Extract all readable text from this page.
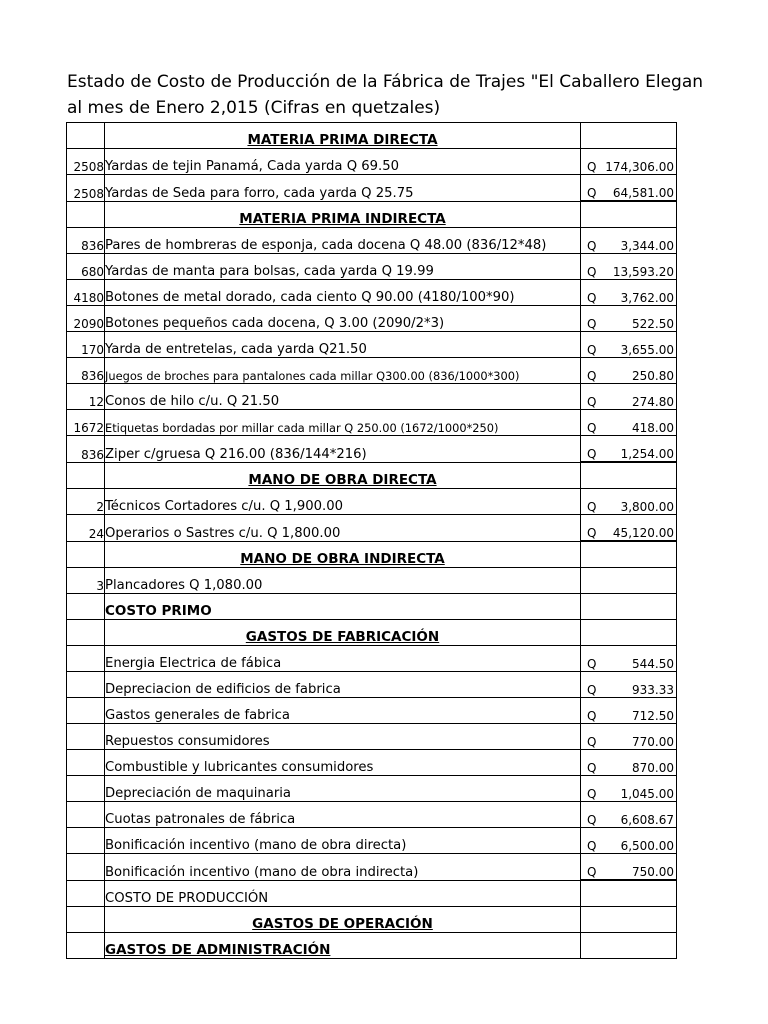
Estado de Costo de Producción de la Fábrica de Trajes "El Caballero Elegan
al mes de Enero 2,015 (Cifras en quetzales)
	MATERIA PRIMA DIRECTA	

2508	Yardas de tejin Panamá, Cada yarda Q 69.50	Q 174,306.00

2508	Yardas de Seda para forro, cada yarda Q 25.75	Q 64,581.00

	MATERIA PRIMA INDIRECTA	

836	Pares de hombreras de esponja, cada docena Q 48.00 (836/12*48)	Q 3,344.00

680	Yardas de manta para bolsas, cada yarda Q 19.99	Q 13,593.20

4180	Botones de metal dorado, cada ciento Q 90.00 (4180/100*90)	Q 3,762.00

2090	Botones pequeños cada docena, Q 3.00 (2090/2*3)	Q 522.50

170	Yarda de entretelas, cada yarda Q21.50	Q 3,655.00

836	Juegos de broches para pantalones cada millar Q300.00 (836/1000*300)	Q 250.80

12	Conos de hilo c/u. Q 21.50	Q 274.80

1672	Etiquetas bordadas por millar cada millar Q 250.00 (1672/1000*250)	Q 418.00

836	Ziper c/gruesa Q 216.00 (836/144*216)	Q 1,254.00

	MANO DE OBRA DIRECTA	

2	Técnicos Cortadores c/u. Q 1,900.00	Q 3,800.00

24	Operarios o Sastres c/u. Q 1,800.00	Q 45,120.00

	MANO DE OBRA INDIRECTA	

3	Plancadores Q 1,080.00	

	COSTO PRIMO	

	GASTOS DE FABRICACIÓN	

	Energia Electrica de fábica	Q 544.50

	Depreciacion de edificios de fabrica	Q 933.33

	Gastos generales de fabrica	Q 712.50

	Repuestos consumidores	Q 770.00

	Combustible y lubricantes consumidores	Q 870.00

	Depreciación de maquinaria	Q 1,045.00

	Cuotas patronales de fábrica	Q 6,608.67

	Bonificación incentivo (mano de obra directa)	Q 6,500.00

	Bonificación incentivo (mano de obra indirecta)	Q 750.00

	COSTO DE PRODUCCIÓN	

	GASTOS DE OPERACIÓN	

	GASTOS DE ADMINISTRACIÓN	
